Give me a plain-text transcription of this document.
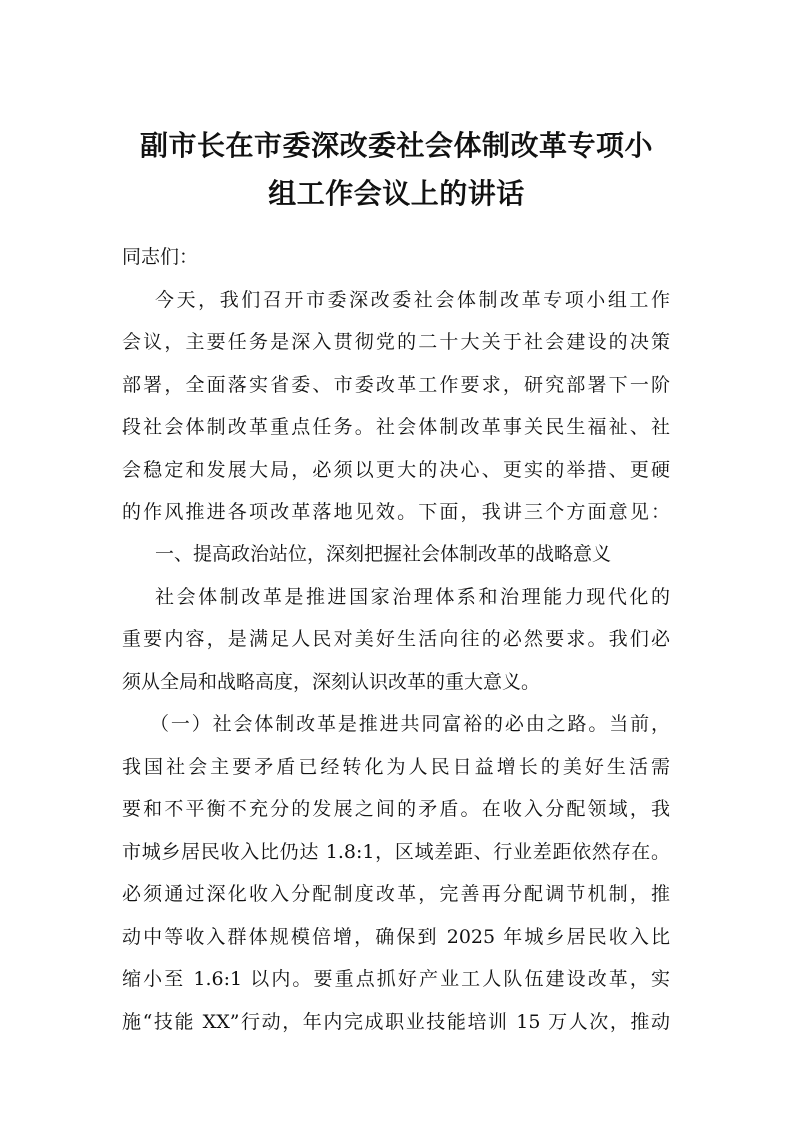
副市长在市委深改委社会体制改革专项小
组工作会议上的讲话

同志们：

今天，我们召开市委深改委社会体制改革专项小组工作

会议，主要任务是深入贯彻党的二十大关于社会建设的决策

部署，全面落实省委、市委改革工作要求，研究部署下一阶

段社会体制改革重点任务。社会体制改革事关民生福祉、社

会稳定和发展大局，必须以更大的决心、更实的举措、更硬

的作风推进各项改革落地见效。下面，我讲三个方面意见：

一、提高政治站位，深刻把握社会体制改革的战略意义

社会体制改革是推进国家治理体系和治理能力现代化的

重要内容，是满足人民对美好生活向往的必然要求。我们必

须从全局和战略高度，深刻认识改革的重大意义。

（一）社会体制改革是推进共同富裕的必由之路。当前，

我国社会主要矛盾已经转化为人民日益增长的美好生活需

要和不平衡不充分的发展之间的矛盾。在收入分配领域，我

市城乡居民收入比仍达 1.8:1，区域差距、行业差距依然存在。

必须通过深化收入分配制度改革，完善再分配调节机制，推

动中等收入群体规模倍增，确保到 2025 年城乡居民收入比

缩小至 1.6:1 以内。要重点抓好产业工人队伍建设改革，实

施“技能 XX”行动，年内完成职业技能培训 15 万人次，推动
